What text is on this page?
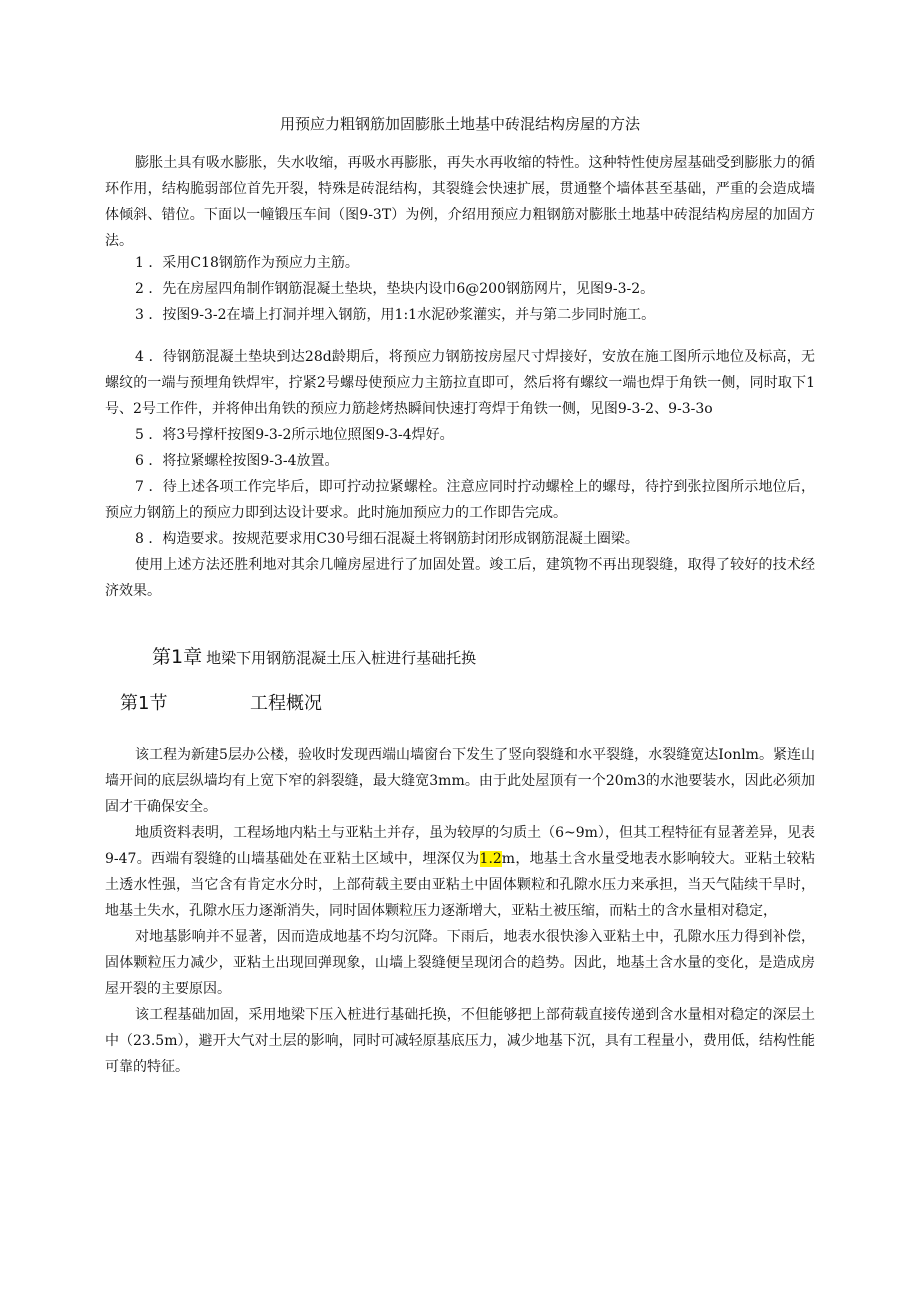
用预应力粗钢筋加固膨胀土地基中砖混结构房屋的方法
膨胀土具有吸水膨胀，失水收缩，再吸水再膨胀，再失水再收缩的特性。这种特性使房屋基础受到膨胀力的循环作用，结构脆弱部位首先开裂，特殊是砖混结构，其裂缝会快速扩展，贯通整个墙体甚至基础，严重的会造成墙体倾斜、错位。下面以一幢锻压车间（图9-3T）为例，介绍用预应力粗钢筋对膨胀土地基中砖混结构房屋的加固方法。
1 ．采用C18钢筋作为预应力主筋。
2 ．先在房屋四角制作钢筋混凝土垫块，垫块内设巾6@200钢筋网片，见图9-3-2。
3 ．按图9-3-2在墙上打洞并埋入钢筋，用1:1水泥砂浆灌实，并与第二步同时施工。
4 ．待钢筋混凝土垫块到达28d龄期后，将预应力钢筋按房屋尺寸焊接好，安放在施工图所示地位及标高，无螺纹的一端与预埋角铁焊牢，拧紧2号螺母使预应力主筋拉直即可，然后将有螺纹一端也焊于角铁一侧，同时取下1号、2号工作件，并将伸出角铁的预应力筋趁烤热瞬间快速打弯焊于角铁一侧，见图9-3-2、9-3-3o
5 ．将3号撑杆按图9-3-2所示地位照图9-3-4焊好。
6 ．将拉紧螺栓按图9-3-4放置。
7 ．待上述各项工作完毕后，即可拧动拉紧螺栓。注意应同时拧动螺栓上的螺母，待拧到张拉图所示地位后，预应力钢筋上的预应力即到达设计要求。此时施加预应力的工作即告完成。
8 ．构造要求。按规范要求用C30号细石混凝土将钢筋封闭形成钢筋混凝土圈梁。
使用上述方法还胜利地对其余几幢房屋进行了加固处置。竣工后，建筑物不再出现裂缝，取得了较好的技术经济效果。
第1章 地梁下用钢筋混凝土压入桩进行基础托换
第1节	工程概况
该工程为新建5层办公楼，验收时发现西端山墙窗台下发生了竖向裂缝和水平裂缝，水裂缝宽达Ionlm。紧连山墙开间的底层纵墙均有上宽下窄的斜裂缝，最大缝宽3mm。由于此处屋顶有一个20m3的水池要装水，因此必须加固才干确保安全。
地质资料表明，工程场地内粘土与亚粘土并存，虽为较厚的匀质土（6~9m），但其工程特征有显著差异，见表9-47。西端有裂缝的山墙基础处在亚粘土区域中，埋深仅为1.2m，地基土含水量受地表水影响较大。亚粘土较粘土透水性强，当它含有肯定水分时，上部荷载主要由亚粘土中固体颗粒和孔隙水压力来承担，当天气陆续干旱时，地基土失水，孔隙水压力逐渐消失，同时固体颗粒压力逐渐增大，亚粘土被压缩，而粘土的含水量相对稳定，
对地基影响并不显著，因而造成地基不均匀沉降。下雨后，地表水很快渗入亚粘土中，孔隙水压力得到补偿，固体颗粒压力减少，亚粘土出现回弹现象，山墙上裂缝便呈现闭合的趋势。因此，地基土含水量的变化，是造成房屋开裂的主要原因。
该工程基础加固，采用地梁下压入桩进行基础托换，不但能够把上部荷载直接传递到含水量相对稳定的深层土中（23.5m），避开大气对土层的影响，同时可减轻原基底压力，减少地基下沉，具有工程量小，费用低，结构性能可靠的特征。
